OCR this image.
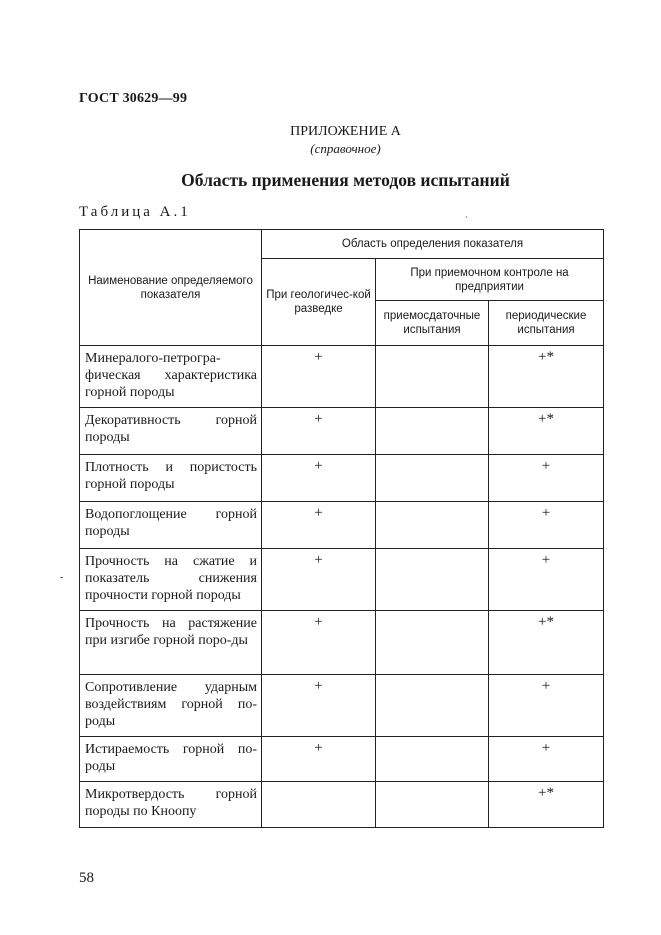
ГОСТ 30629—99
ПРИЛОЖЕНИЕ А
(справочное)
Область применения методов испытаний
Таблица А.1	ˎ
Наименование определяемого показателя	Область определения показателя		
	При геологичес-кой разведке	При приемочном контроле на предприятии	
		приемосдаточные испытания	периодические испытания
Минералого-петрогра-фическая характеристика горной породы	+		+*
Декоративность горной породы	+		+*
Плотность и пористость горной породы	+		+
Водопоглощение горной породы	+		+
Прочность на сжатие и показатель снижения прочности горной породы	+		+
Прочность на растяжение при изгибе горной поро-ды	+		+*
Сопротивление ударным воздействиям горной по-роды	+		+
Истираемость горной по-роды	+		+
Микротвердость горной породы по Кноопу			+*
-
58
